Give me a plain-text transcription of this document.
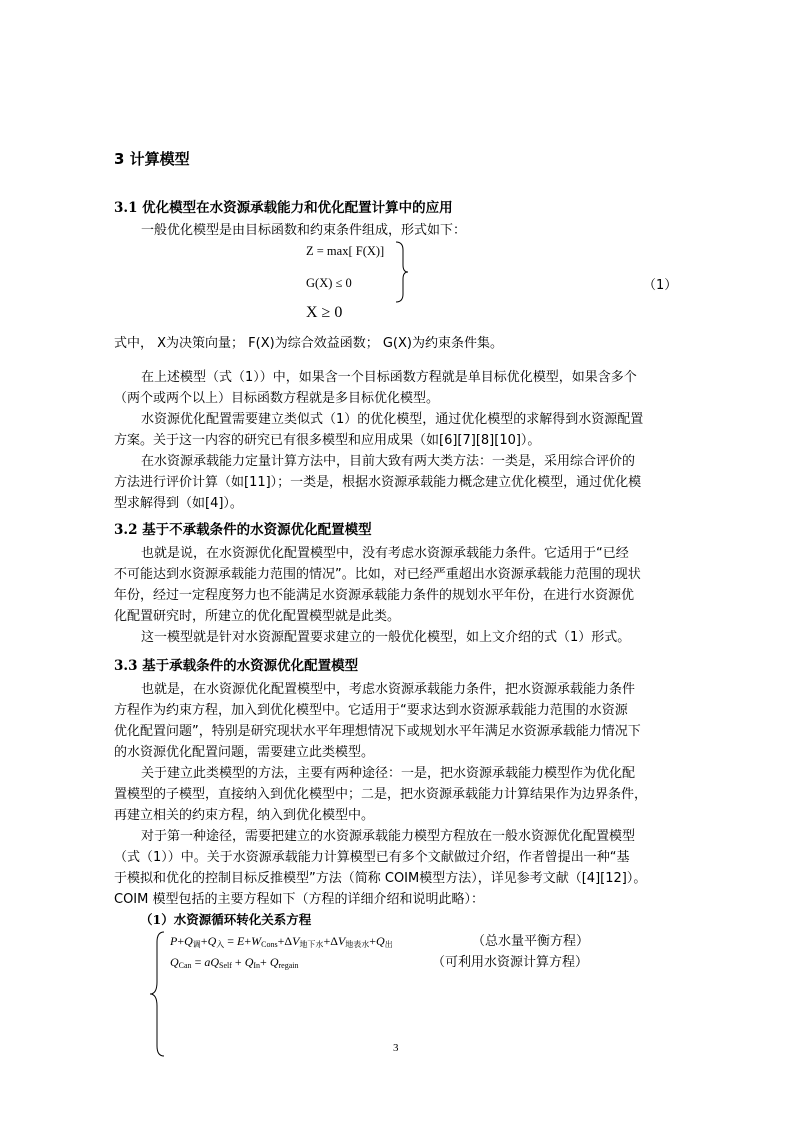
3 计算模型
3.1 优化模型在水资源承载能力和优化配置计算中的应用
一般优化模型是由目标函数和约束条件组成，形式如下：
Z = max[ F(X)]
G(X) ≤ 0
X ≥ 0
（1）
式中， X为决策向量； F(X)为综合效益函数； G(X)为约束条件集。
在上述模型（式（1））中，如果含一个目标函数方程就是单目标优化模型，如果含多个
（两个或两个以上）目标函数方程就是多目标优化模型。
水资源优化配置需要建立类似式（1）的优化模型，通过优化模型的求解得到水资源配置
方案。关于这一内容的研究已有很多模型和应用成果（如[6][7][8][10]）。
在水资源承载能力定量计算方法中，目前大致有两大类方法：一类是，采用综合评价的
方法进行评价计算（如[11]）；一类是，根据水资源承载能力概念建立优化模型，通过优化模
型求解得到（如[4]）。
3.2 基于不承载条件的水资源优化配置模型
也就是说，在水资源优化配置模型中，没有考虑水资源承载能力条件。它适用于“已经
不可能达到水资源承载能力范围的情况”。比如，对已经严重超出水资源承载能力范围的现状
年份，经过一定程度努力也不能满足水资源承载能力条件的规划水平年份，在进行水资源优
化配置研究时，所建立的优化配置模型就是此类。
这一模型就是针对水资源配置要求建立的一般优化模型，如上文介绍的式（1）形式。
3.3 基于承载条件的水资源优化配置模型
也就是，在水资源优化配置模型中，考虑水资源承载能力条件，把水资源承载能力条件
方程作为约束方程，加入到优化模型中。它适用于“要求达到水资源承载能力范围的水资源
优化配置问题”，特别是研究现状水平年理想情况下或规划水平年满足水资源承载能力情况下
的水资源优化配置问题，需要建立此类模型。
关于建立此类模型的方法，主要有两种途径：一是，把水资源承载能力模型作为优化配
置模型的子模型，直接纳入到优化模型中；二是，把水资源承载能力计算结果作为边界条件，
再建立相关的约束方程，纳入到优化模型中。
对于第一种途径，需要把建立的水资源承载能力模型方程放在一般水资源优化配置模型
（式（1））中。关于水资源承载能力计算模型已有多个文献做过介绍，作者曾提出一种“基
于模拟和优化的控制目标反推模型”方法（简称 COIM模型方法），详见参考文献（[4][12]）。
COIM 模型包括的主要方程如下（方程的详细介绍和说明此略）：
（1）水资源循环转化关系方程
$P+Q_调+Q_入 = E+W_{Cons}+\Delta V_{地下水}+\Delta V_{地表水}+Q_出$	（总水量平衡方程）
$Q_{Can} = aQ_{Self} + Q_{In}+ Q_{regain}$	（可利用水资源计算方程）
3
